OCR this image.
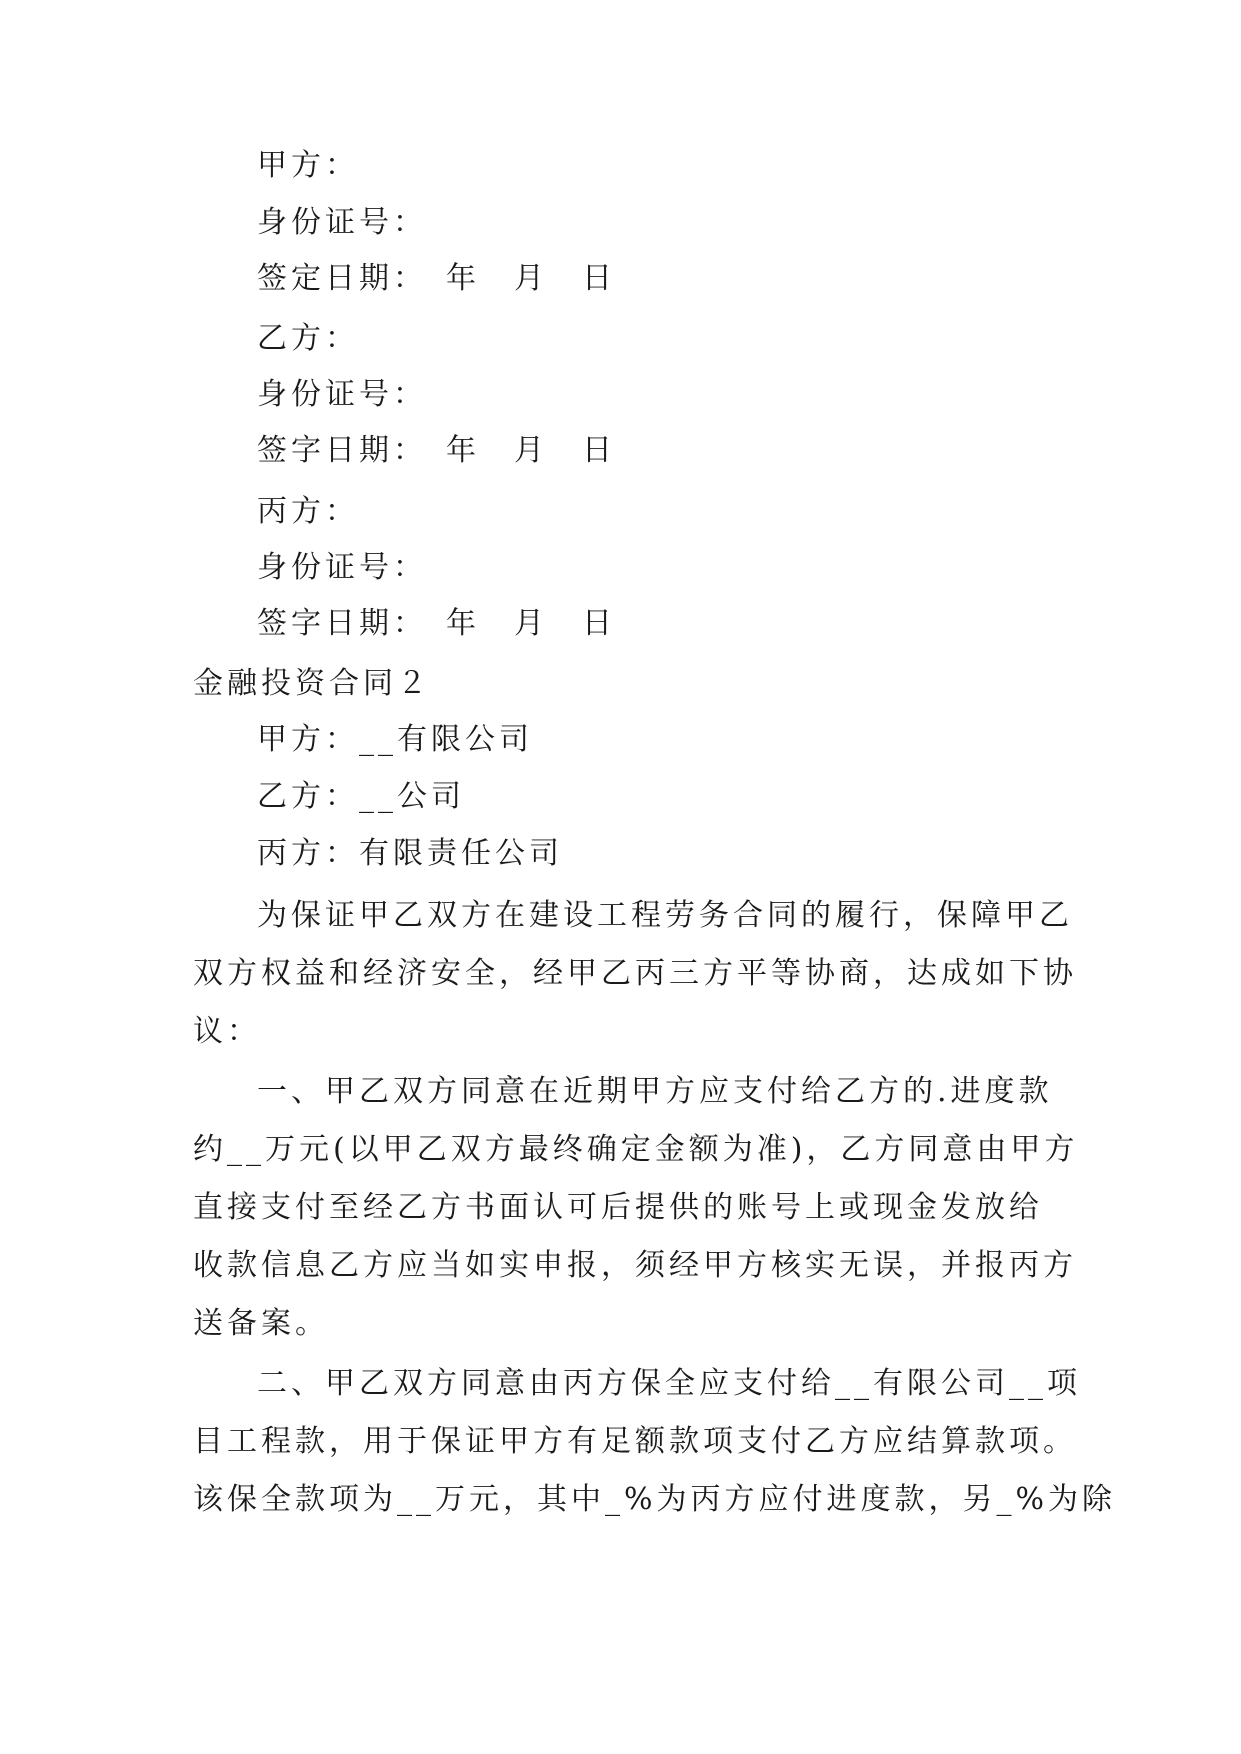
甲方：
身份证号：
签定日期：　年　月　日
乙方：
身份证号：
签字日期：　年　月　日
丙方：
身份证号：
签字日期：　年　月　日
金融投资合同２
甲方：__有限公司
乙方：__公司
丙方：有限责任公司
为保证甲乙双方在建设工程劳务合同的履行，保障甲乙
双方权益和经济安全，经甲乙丙三方平等协商，达成如下协
议：
一、甲乙双方同意在近期甲方应支付给乙方的.进度款
约__万元(以甲乙双方最终确定金额为准)，乙方同意由甲方
直接支付至经乙方书面认可后提供的账号上或现金发放给
收款信息乙方应当如实申报，须经甲方核实无误，并报丙方
送备案。
二、甲乙双方同意由丙方保全应支付给__有限公司__项
目工程款，用于保证甲方有足额款项支付乙方应结算款项。
该保全款项为__万元，其中_%为丙方应付进度款，另_%为除
